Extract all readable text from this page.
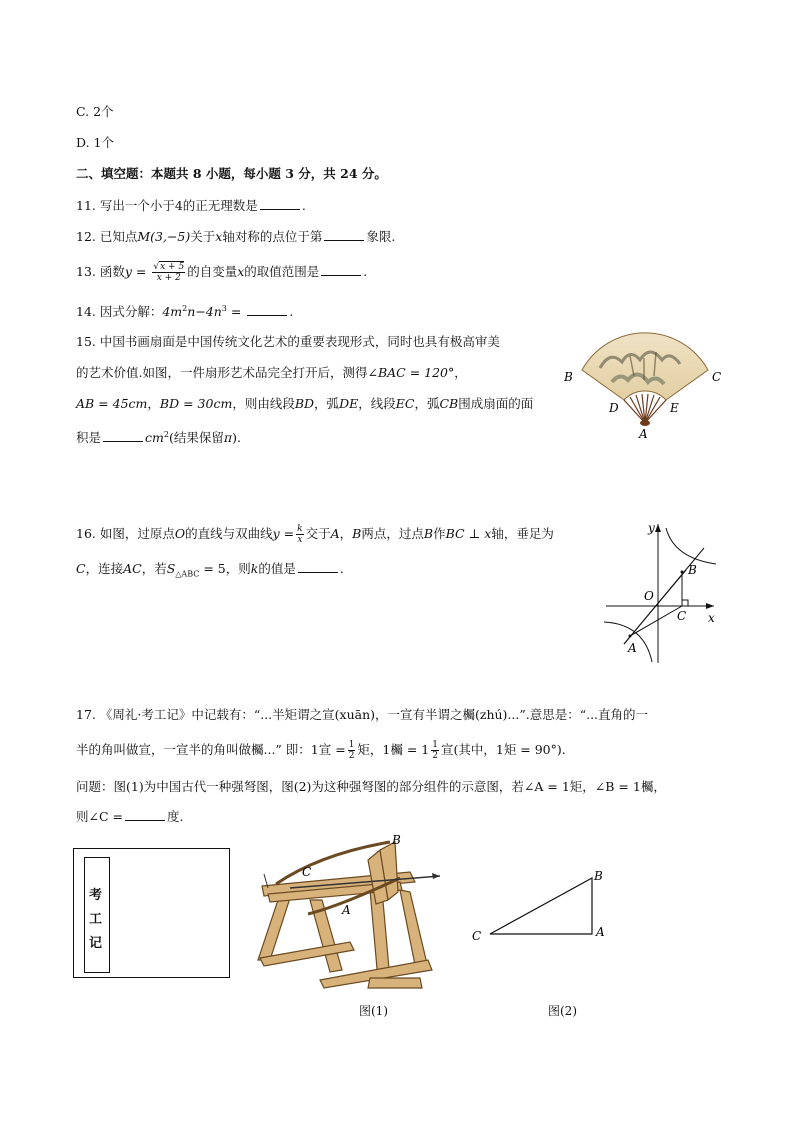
C. 2个
D. 1个
二、填空题：本题共 8 小题，每小题 3 分，共 24 分。
11. 写出一个小于4的正无理数是	.
12. 已知点M(3,−5)关于x轴对称的点位于第	象限.
13. 函数$y = \frac{√x + 5}{x + 2}$ 的自变量x的取值范围是	.
14. 因式分解：$4m^2n-4n^3$ =	.
15. 中国书画扇面是中国传统文化艺术的重要表现形式，同时也具有极高审美
的艺术价值.如图，一件扇形艺术品完全打开后，测得∠BAC = 120°，
AB = 45cm，BD = 30cm，则由线段BD，弧DE，线段EC，弧CB围成扇面的面
积是	$cm^2$(结果保留π).
B	C
D	E
A
16. 如图，过原点O的直线与双曲线$y = \frac{k}{x}$ 交于A，B两点，过点B作BC ⊥ x轴，垂足为
C，连接AC，若$S_{\triangle ABC} = 5$，则k的值是	.
y
x
O
B
C
A
17. 《周礼·考工记》中记载有：“...半矩谓之宣(xuān)，一宣有半谓之欘(zhú)...”.意思是：“...直角的一
半的角叫做宣，一宣半的角叫做欘...” 即：1宣 = $\frac{1}{2}$ 矩，1欘 = $1 \frac{1}{2}$ 宣(其中，1矩 = 90°).
问题：图(1)为中国古代一种强弩图，图(2)为这种强弩图的部分组件的示意图，若∠A = 1矩，∠B = 1欘，
则∠C =	度.
考
工
记
B
C
A
图(1)
B
C	A
图(2)
